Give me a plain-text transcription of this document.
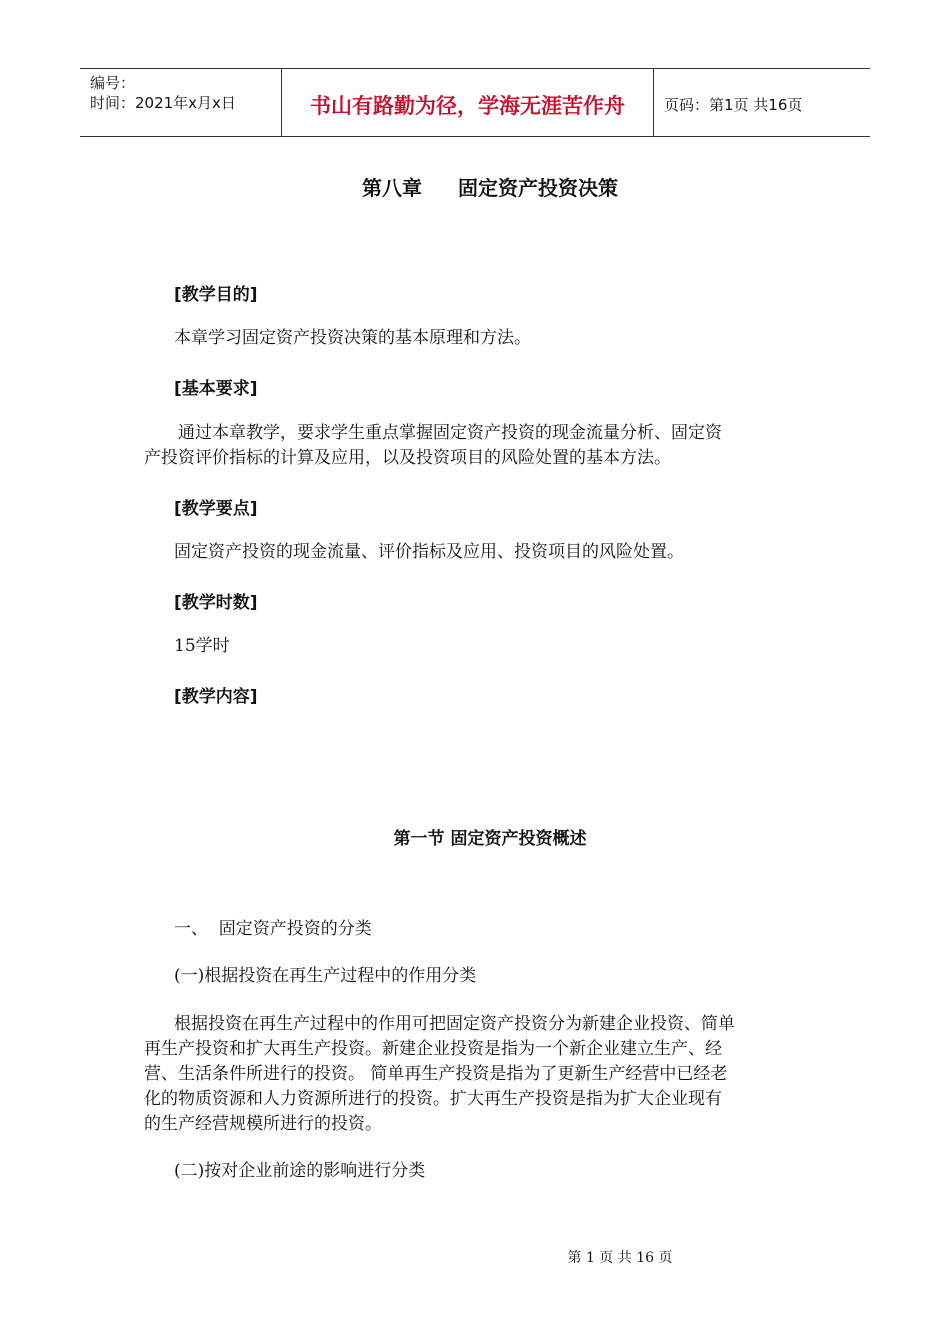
编号：
时间：2021年x月x日	书山有路勤为径，学海无涯苦作舟	页码：第1页 共16页
第八章 固定资产投资决策
[教学目的]
本章学习固定资产投资决策的基本原理和方法。
[基本要求]
通过本章教学，要求学生重点掌握固定资产投资的现金流量分析、固定资
产投资评价指标的计算及应用，以及投资项目的风险处置的基本方法。
[教学要点]
固定资产投资的现金流量、评价指标及应用、投资项目的风险处置。
[教学时数]
15学时
[教学内容]
第一节 固定资产投资概述
一、  固定资产投资的分类
(一)根据投资在再生产过程中的作用分类
根据投资在再生产过程中的作用可把固定资产投资分为新建企业投资、简单
再生产投资和扩大再生产投资。新建企业投资是指为一个新企业建立生产、经
营、生活条件所进行的投资。 简单再生产投资是指为了更新生产经营中已经老
化的物质资源和人力资源所进行的投资。扩大再生产投资是指为扩大企业现有
的生产经营规模所进行的投资。
(二)按对企业前途的影响进行分类
第 1 页 共 16 页
